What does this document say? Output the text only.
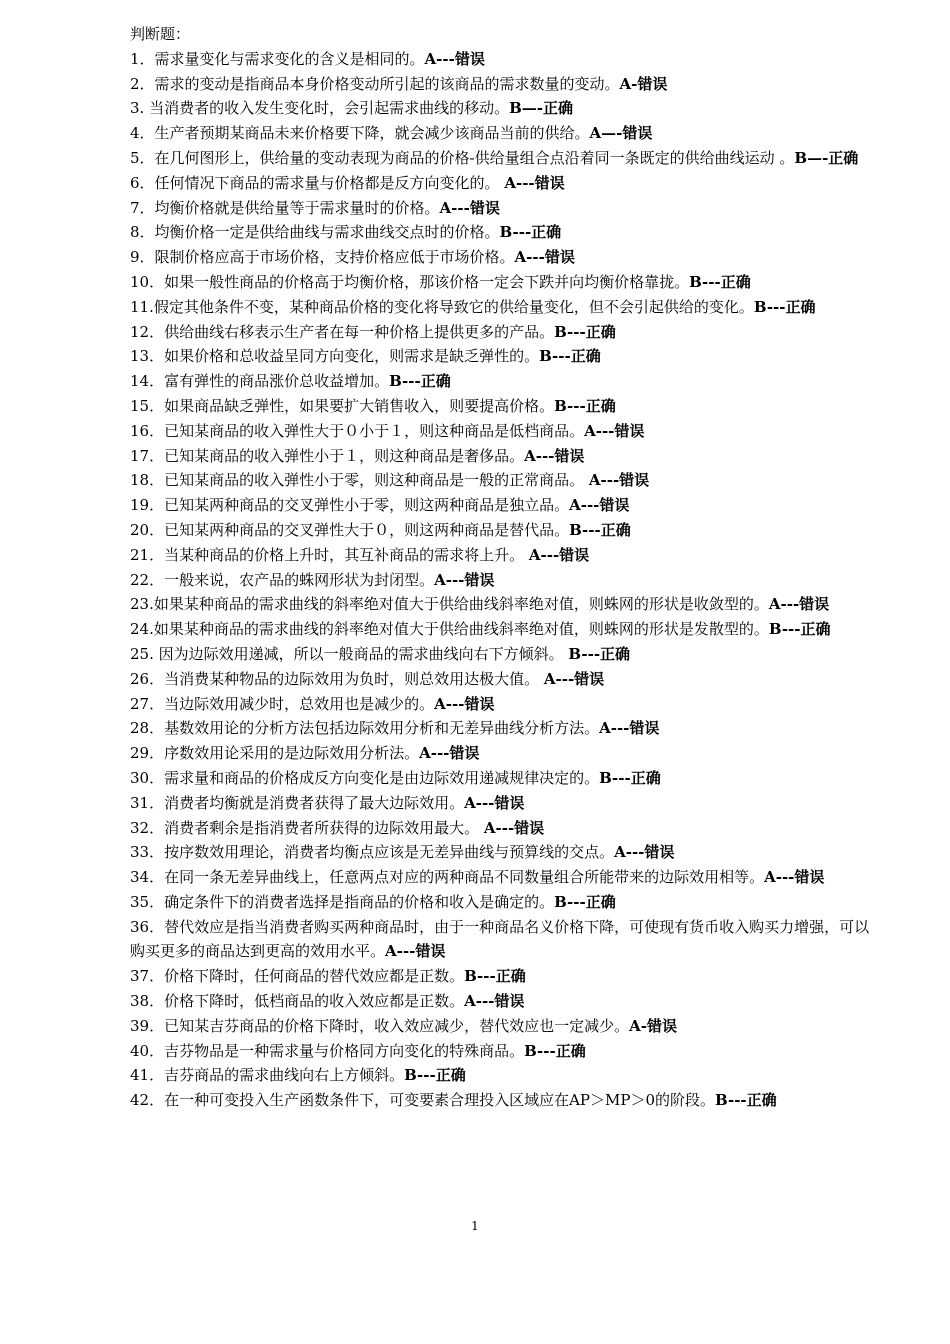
判断题：
1．需求量变化与需求变化的含义是相同的。A---错误
2．需求的变动是指商品本身价格变动所引起的该商品的需求数量的变动。A-错误
3. 当消费者的收入发生变化时，会引起需求曲线的移动。B—-正确
4．生产者预期某商品未来价格要下降，就会减少该商品当前的供给。A—-错误
5．在几何图形上，供给量的变动表现为商品的价格-供给量组合点沿着同一条既定的供给曲线运动 。B—-正确
6．任何情况下商品的需求量与价格都是反方向变化的。 A---错误
7．均衡价格就是供给量等于需求量时的价格。A---错误
8．均衡价格一定是供给曲线与需求曲线交点时的价格。B---正确
9．限制价格应高于市场价格，支持价格应低于市场价格。A---错误
10．如果一般性商品的价格高于均衡价格，那该价格一定会下跌并向均衡价格靠拢。B---正确
11.假定其他条件不变，某种商品价格的变化将导致它的供给量变化，但不会引起供给的变化。B---正确
12．供给曲线右移表示生产者在每一种价格上提供更多的产品。B---正确
13．如果价格和总收益呈同方向变化，则需求是缺乏弹性的。B---正确
14．富有弹性的商品涨价总收益增加。B---正确
15．如果商品缺乏弹性，如果要扩大销售收入，则要提高价格。B---正确
16．已知某商品的收入弹性大于０小于１，则这种商品是低档商品。A---错误
17．已知某商品的收入弹性小于１，则这种商品是奢侈品。A---错误
18．已知某商品的收入弹性小于零，则这种商品是一般的正常商品。 A---错误
19．已知某两种商品的交叉弹性小于零，则这两种商品是独立品。A---错误
20．已知某两种商品的交叉弹性大于０，则这两种商品是替代品。B---正确
21．当某种商品的价格上升时，其互补商品的需求将上升。 A---错误
22．一般来说，农产品的蛛网形状为封闭型。A---错误
23.如果某种商品的需求曲线的斜率绝对值大于供给曲线斜率绝对值，则蛛网的形状是收敛型的。A---错误
24.如果某种商品的需求曲线的斜率绝对值大于供给曲线斜率绝对值，则蛛网的形状是发散型的。B---正确
25. 因为边际效用递减，所以一般商品的需求曲线向右下方倾斜。 B---正确
26．当消费某种物品的边际效用为负时，则总效用达极大值。 A---错误
27．当边际效用减少时，总效用也是减少的。A---错误
28．基数效用论的分析方法包括边际效用分析和无差异曲线分析方法。A---错误
29．序数效用论采用的是边际效用分析法。A---错误
30．需求量和商品的价格成反方向变化是由边际效用递减规律决定的。B---正确
31．消费者均衡就是消费者获得了最大边际效用。A---错误
32．消费者剩余是指消费者所获得的边际效用最大。 A---错误
33．按序数效用理论，消费者均衡点应该是无差异曲线与预算线的交点。A---错误
34．在同一条无差异曲线上，任意两点对应的两种商品不同数量组合所能带来的边际效用相等。A---错误
35．确定条件下的消费者选择是指商品的价格和收入是确定的。B---正确
36．替代效应是指当消费者购买两种商品时，由于一种商品名义价格下降，可使现有货币收入购买力增强，可以购买更多的商品达到更高的效用水平。A---错误
37．价格下降时，任何商品的替代效应都是正数。B---正确
38．价格下降时，低档商品的收入效应都是正数。A---错误
39．已知某吉芬商品的价格下降时，收入效应减少，替代效应也一定减少。A-错误
40．吉芬物品是一种需求量与价格同方向变化的特殊商品。B---正确
41．吉芬商品的需求曲线向右上方倾斜。B---正确
42．在一种可变投入生产函数条件下，可变要素合理投入区域应在AP＞MP＞0的阶段。B---正确
1
